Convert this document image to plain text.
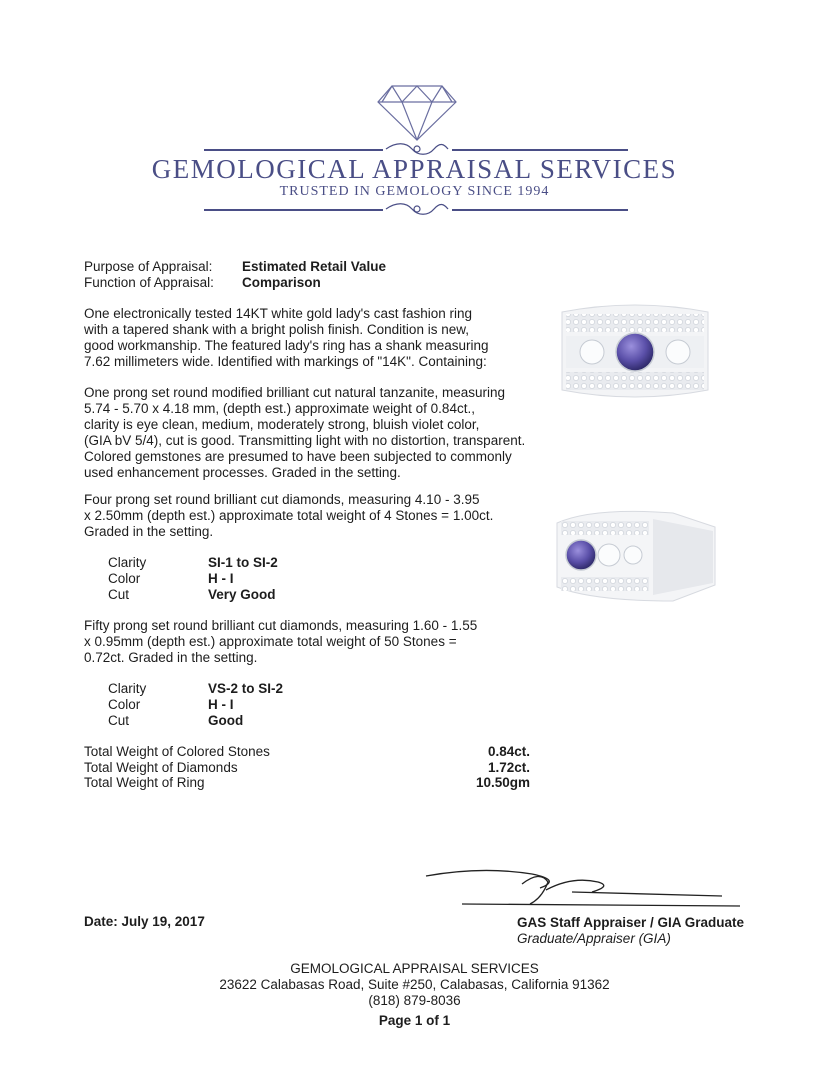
GEMOLOGICAL APPRAISAL SERVICES
TRUSTED IN GEMOLOGY SINCE 1994
Purpose of Appraisal: Estimated Retail Value
Function of Appraisal: Comparison
One electronically tested 14KT white gold lady's cast fashion ring
with a tapered shank with a bright polish finish. Condition is new,
good workmanship. The featured lady's ring has a shank measuring
7.62 millimeters wide. Identified with markings of "14K". Containing:
One prong set round modified brilliant cut natural tanzanite, measuring
5.74 - 5.70 x 4.18 mm, (depth est.) approximate weight of 0.84ct.,
clarity is eye clean, medium, moderately strong, bluish violet color,
(GIA bV 5/4), cut is good. Transmitting light with no distortion, transparent.
Colored gemstones are presumed to have been subjected to commonly
used enhancement processes. Graded in the setting.
Four prong set round brilliant cut diamonds, measuring 4.10 - 3.95
x 2.50mm (depth est.) approximate total weight of 4 Stones = 1.00ct.
Graded in the setting.
Clarity	SI-1 to SI-2
Color	H - I
Cut	Very Good
Fifty prong set round brilliant cut diamonds, measuring 1.60 - 1.55
x 0.95mm (depth est.) approximate total weight of 50 Stones =
0.72ct. Graded in the setting.
Clarity	VS-2 to SI-2
Color	H - I
Cut	Good
Total Weight of Colored Stones	0.84ct.
Total Weight of Diamonds	1.72ct.
Total Weight of Ring	10.50gm
Date: July 19, 2017	GAS Staff Appraiser / GIA Graduate
Graduate/Appraiser (GIA)
GEMOLOGICAL APPRAISAL SERVICES
23622 Calabasas Road, Suite #250, Calabasas, California 91362
(818) 879-8036
Page 1 of 1
